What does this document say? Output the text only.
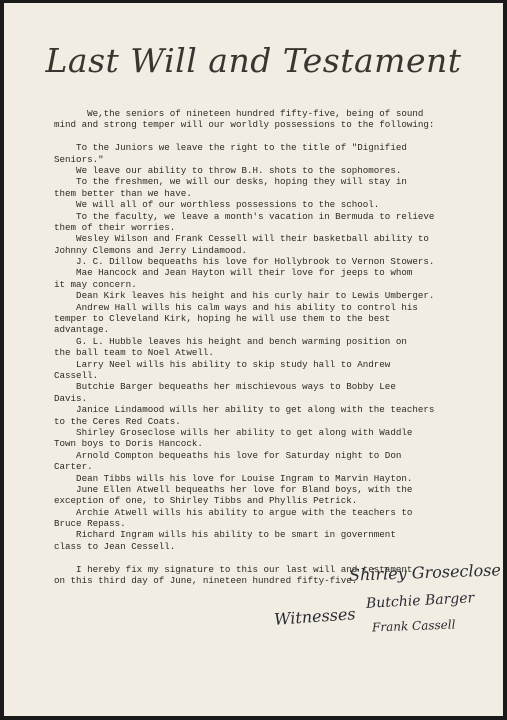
Last Will and Testament
We,the seniors of nineteen hundred fifty-five, being of sound
mind and strong temper will our worldly possessions to the following:
To the Juniors we leave the right to the title of "Dignified
Seniors."
We leave our ability to throw B.H. shots to the sophomores.
To the freshmen, we will our desks, hoping they will stay in
them better than we have.
We will all of our worthless possessions to the school.
To the faculty, we leave a month's vacation in Bermuda to relieve
them of their worries.
Wesley Wilson and Frank Cessell will their basketball ability to
Johnny Clemons and Jerry Lindamood.
J. C. Dillow bequeaths his love for Hollybrook to Vernon Stowers.
Mae Hancock and Jean Hayton will their love for jeeps to whom
it may concern.
Dean Kirk leaves his height and his curly hair to Lewis Umberger.
Andrew Hall wills his calm ways and his ability to control his
temper to Cleveland Kirk, hoping he will use them to the best
advantage.
G. L. Hubble leaves his height and bench warming position on
the ball team to Noel Atwell.
Larry Neel wills his ability to skip study hall to Andrew
Cassell.
Butchie Barger bequeaths her mischievous ways to Bobby Lee
Davis.
Janice Lindamood wills her ability to get along with the teachers
to the Ceres Red Coats.
Shirley Groseclose wills her ability to get along with Waddle
Town boys to Doris Hancock.
Arnold Compton bequeaths his love for Saturday night to Don
Carter.
Dean Tibbs wills his love for Louise Ingram to Marvin Hayton.
June Ellen Atwell bequeaths her love for Bland boys, with the
exception of one, to Shirley Tibbs and Phyllis Petrick.
Archie Atwell wills his ability to argue with the teachers to
Bruce Repass.
Richard Ingram wills his ability to be smart in government
class to Jean Cessell.
I hereby fix my signature to this our last will and testament
on this third day of June, nineteen hundred fifty-five.
Shirley Groseclose
Butchie Barger
Witnesses Frank Cassell
